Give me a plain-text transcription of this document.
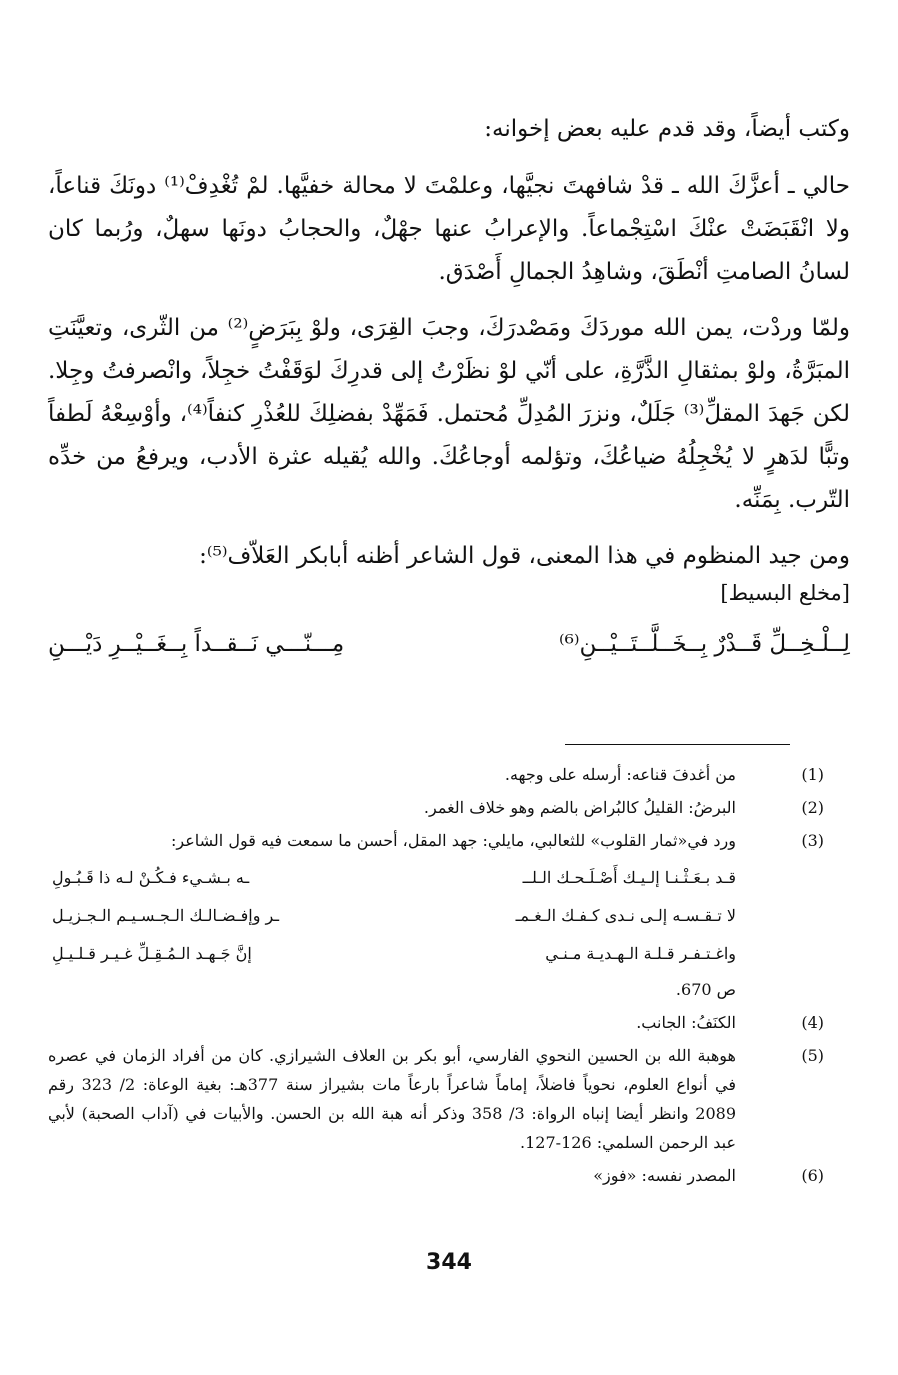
وكتب أيضاً، وقد قدم عليه بعض إخوانه:

حالي ـ أعزَّكَ الله ـ قدْ شافهتَ نجيَّها، وعلمْتَ لا محالة خفيَّها. لمْ تُغْدِفْ⁽¹⁾ دونَكَ قناعاً، ولا انْقَبَضَتْ عنْكَ اسْتِجْماعاً. والإعرابُ عنها جهْلٌ، والحجابُ دونَها سهلٌ، ورُبما كان لسانُ الصامتِ أنْطَقَ، وشاهِدُ الجمالِ أَصْدَق.

ولمّا وردْت، يمن الله موردَكَ ومَصْدرَكَ، وجبَ القِرَى، ولوْ بِبَرَضٍ⁽²⁾ من الثّرى، وتعيَّنَتِ المبَرَّةُ، ولوْ بمثقالِ الذَّرَّةِ، على أنّي لوْ نظَرْتُ إلى قدرِكَ لوَقَفْتُ خجِلاً، وانْصرفتُ وجِلا. لكن جَهدَ المقلِّ⁽³⁾ جَلَلٌ، ونزرَ المُدِلِّ مُحتمل. فَمَهِّدْ بفضلِكَ للعُذْرِ كنفاً⁽⁴⁾، وأوْسِعْهُ لَطفاً وتبًّا لدَهرٍ لا يُخْجِلُهُ ضياعُكَ، وتؤلمه أوجاعُكَ. والله يُقيله عثرة الأدب، ويرفعُ من خدِّه التّرب. بِمَنِّه.

ومن جيد المنظوم في هذا المعنى، قول الشاعر أظنه أبابكر العَلاّف⁽⁵⁾:

[مخلع البسيط]

لِــلْـخِــلِّ قَــدْرٌ بِــخَــلَّــتَــيْــنِ⁽⁶⁾
مِـــنّـــي نَــقــداً بِــغَــيْــرِ دَيْـــنِ
(1)
من أغدفَ قناعه: أرسله على وجهه.
(2)
البرضُ: القليلُ كالبُراض بالضم وهو خلاف الغمر.
(3)
ورد في«ثمار القلوب» للثعالبي، مايلي: جهد المقل، أحسن ما سمعت فيه قول الشاعر:
قـد بـعَـثْـنـا إلـيـك أَصْـلَـحـك الـلــ
ـه بـشـيء فـكُـنْ لـه ذا قَـبُـولِ
لا تـقـسـه إلـى نـدى كـفـك الـغـمـ
ـر وإفـضـالـك الـجـسـيـم الـجـزيـل
واغـتـفـر قـلـة الـهـديـة مـنـي
إنَّ جَـهـد الـمُـقِـلِّ غـيـر قـلـيـلِ
ص 670.
(4)
الكنَفُ: الجانب.
(5)
هوهبة الله بن الحسين النحوي الفارسي، أبو بكر بن العلاف الشيرازي. كان من أفراد الزمان في عصره في أنواع العلوم، نحوياً فاضلاً، إماماً شاعراً بارعاً مات بشيراز سنة 377هـ: بغية الوعاة: 2/ 323 رقم 2089 وانظر أيضا إنباه الرواة: 3/ 358 وذكر أنه هبة الله بن الحسن. والأبيات في (آداب الصحبة) لأبي عبد الرحمن السلمي: 126-127.
(6)
المصدر نفسه: «فوز»
344
